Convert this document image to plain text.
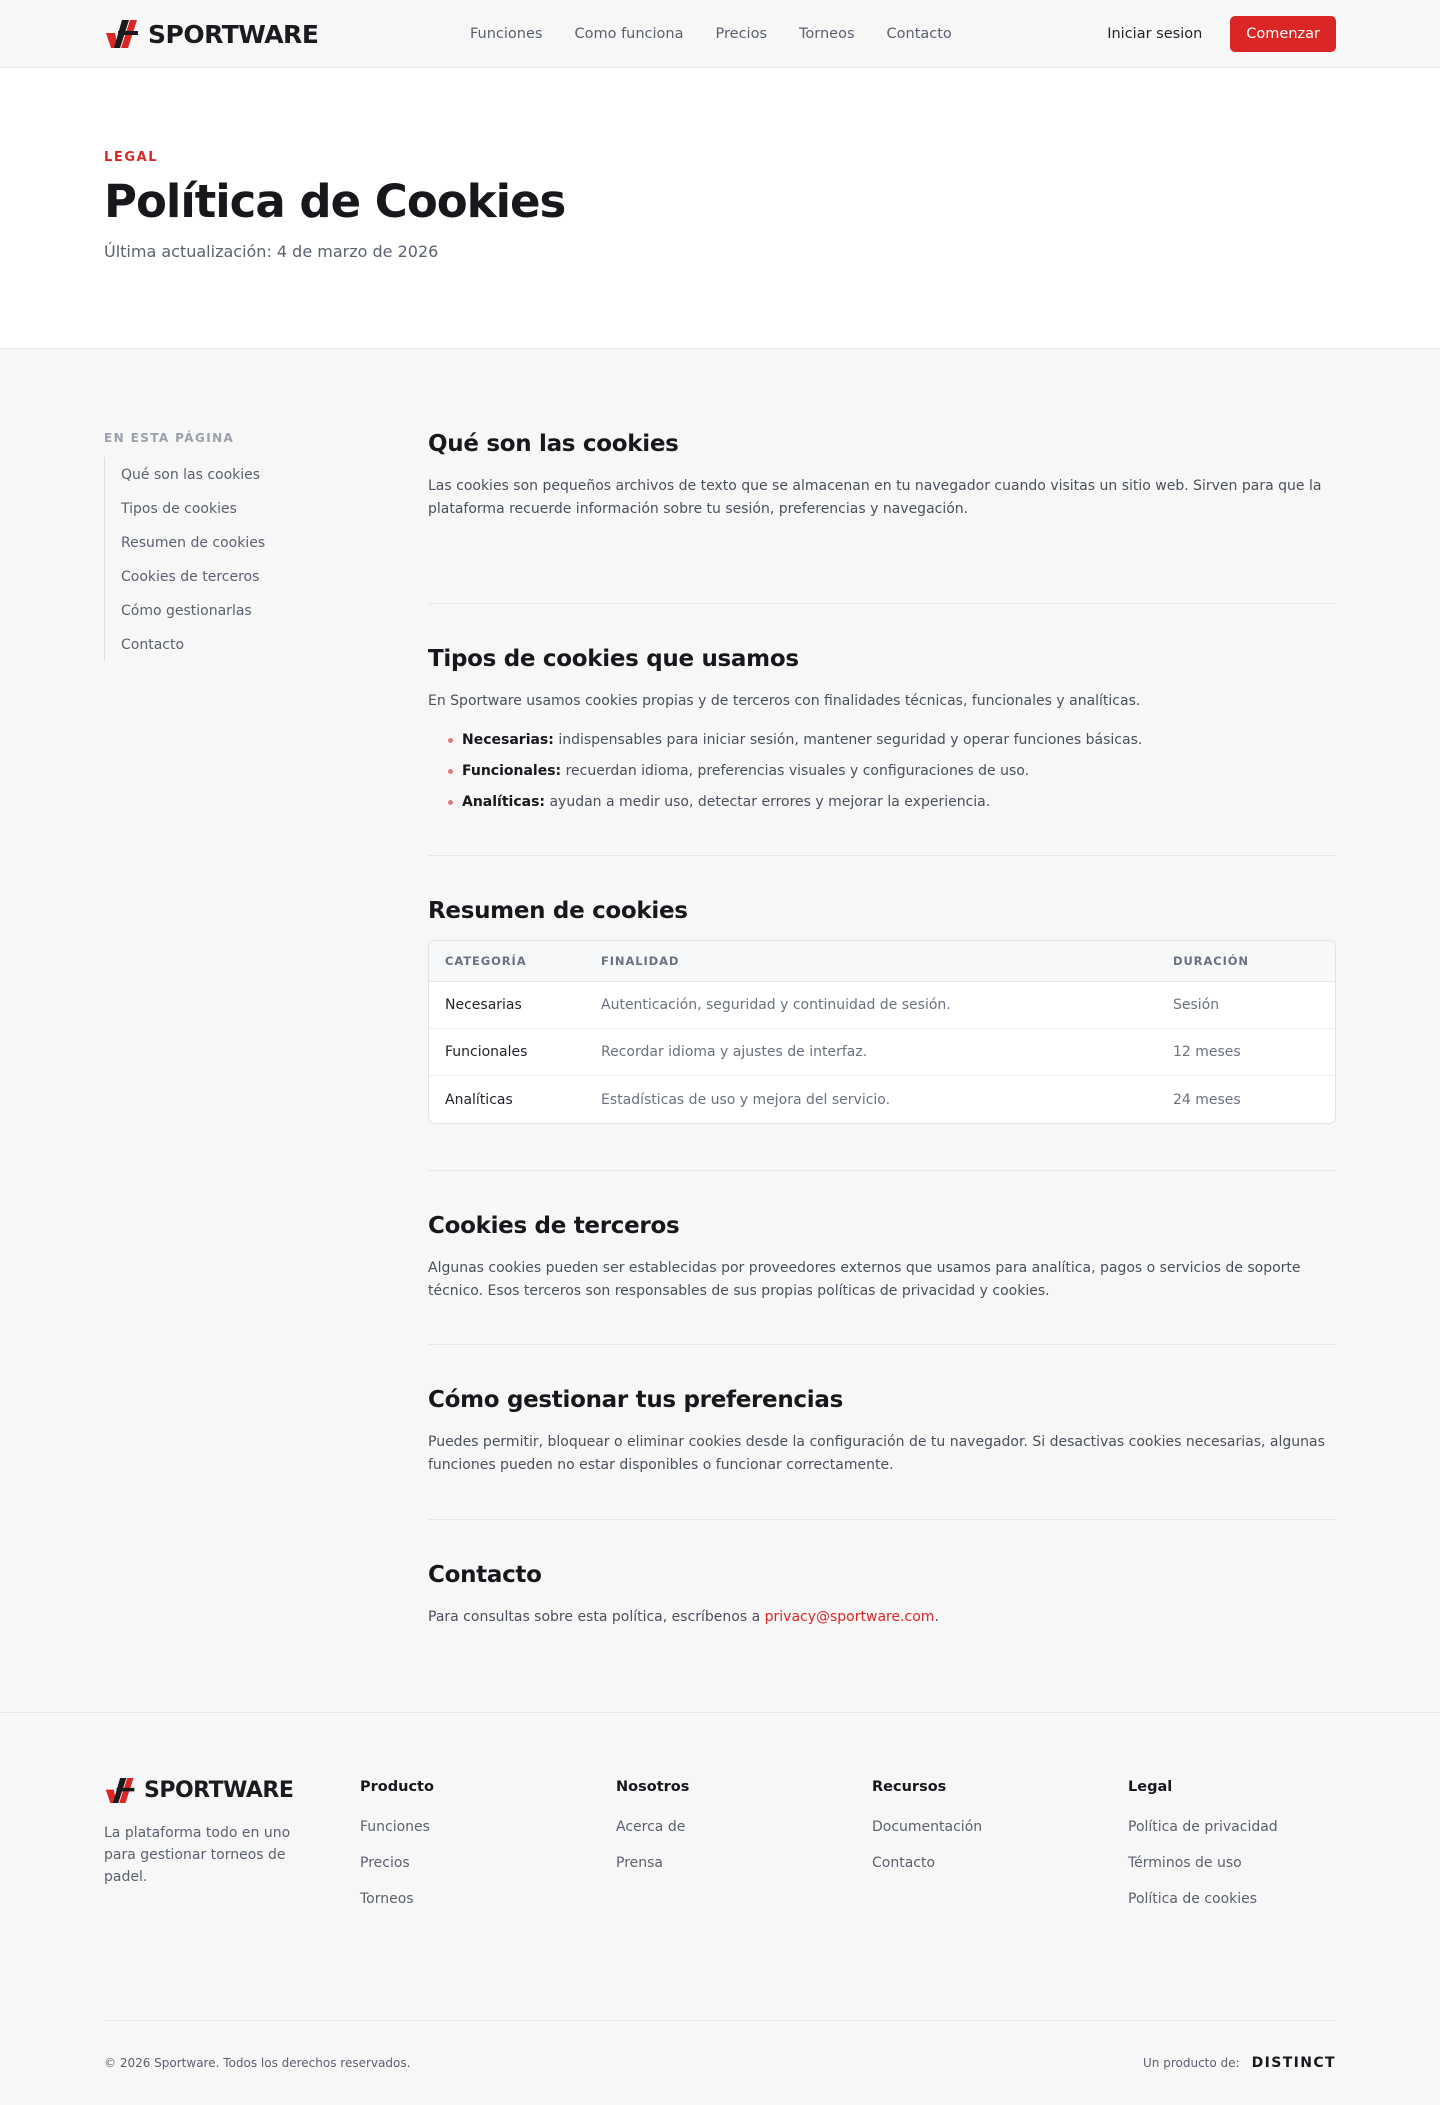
SPORTWARE	Funciones Como funciona Precios Torneos Contacto	Iniciar sesion	Comenzar
LEGAL
Política de Cookies
Última actualización: 4 de marzo de 2026
EN ESTA PÁGINA
Qué son las cookies
Tipos de cookies
Resumen de cookies
Cookies de terceros
Cómo gestionarlas
Contacto
Qué son las cookies

Las cookies son pequeños archivos de texto que se almacenan en tu navegador cuando visitas un sitio web. Sirven para que la plataforma recuerde información sobre tu sesión, preferencias y navegación.

Tipos de cookies que usamos

En Sportware usamos cookies propias y de terceros con finalidades técnicas, funcionales y analíticas.

Necesarias: indispensables para iniciar sesión, mantener seguridad y operar funciones básicas.
Funcionales: recuerdan idioma, preferencias visuales y configuraciones de uso.
Analíticas: ayudan a medir uso, detectar errores y mejorar la experiencia.
Resumen de cookies
CATEGORÍA	FINALIDAD	DURACIÓN
Necesarias	Autenticación, seguridad y continuidad de sesión.	Sesión
Funcionales	Recordar idioma y ajustes de interfaz.	12 meses
Analíticas	Estadísticas de uso y mejora del servicio.	24 meses
Cookies de terceros

Algunas cookies pueden ser establecidas por proveedores externos que usamos para analítica, pagos o servicios de soporte técnico. Esos terceros son responsables de sus propias políticas de privacidad y cookies.

Cómo gestionar tus preferencias

Puedes permitir, bloquear o eliminar cookies desde la configuración de tu navegador. Si desactivas cookies necesarias, algunas funciones pueden no estar disponibles o funcionar correctamente.

Contacto

Para consultas sobre esta política, escríbenos a privacy@sportware.com.

SPORTWARE

La plataforma todo en uno para gestionar torneos de padel.

Producto
Funciones
Precios
Torneos
Nosotros
Acerca de
Prensa
Recursos
Documentación
Contacto
Legal
Política de privacidad
Términos de uso
Política de cookies
© 2026 Sportware. Todos los derechos reservados.	Un producto de: DISTINCT
